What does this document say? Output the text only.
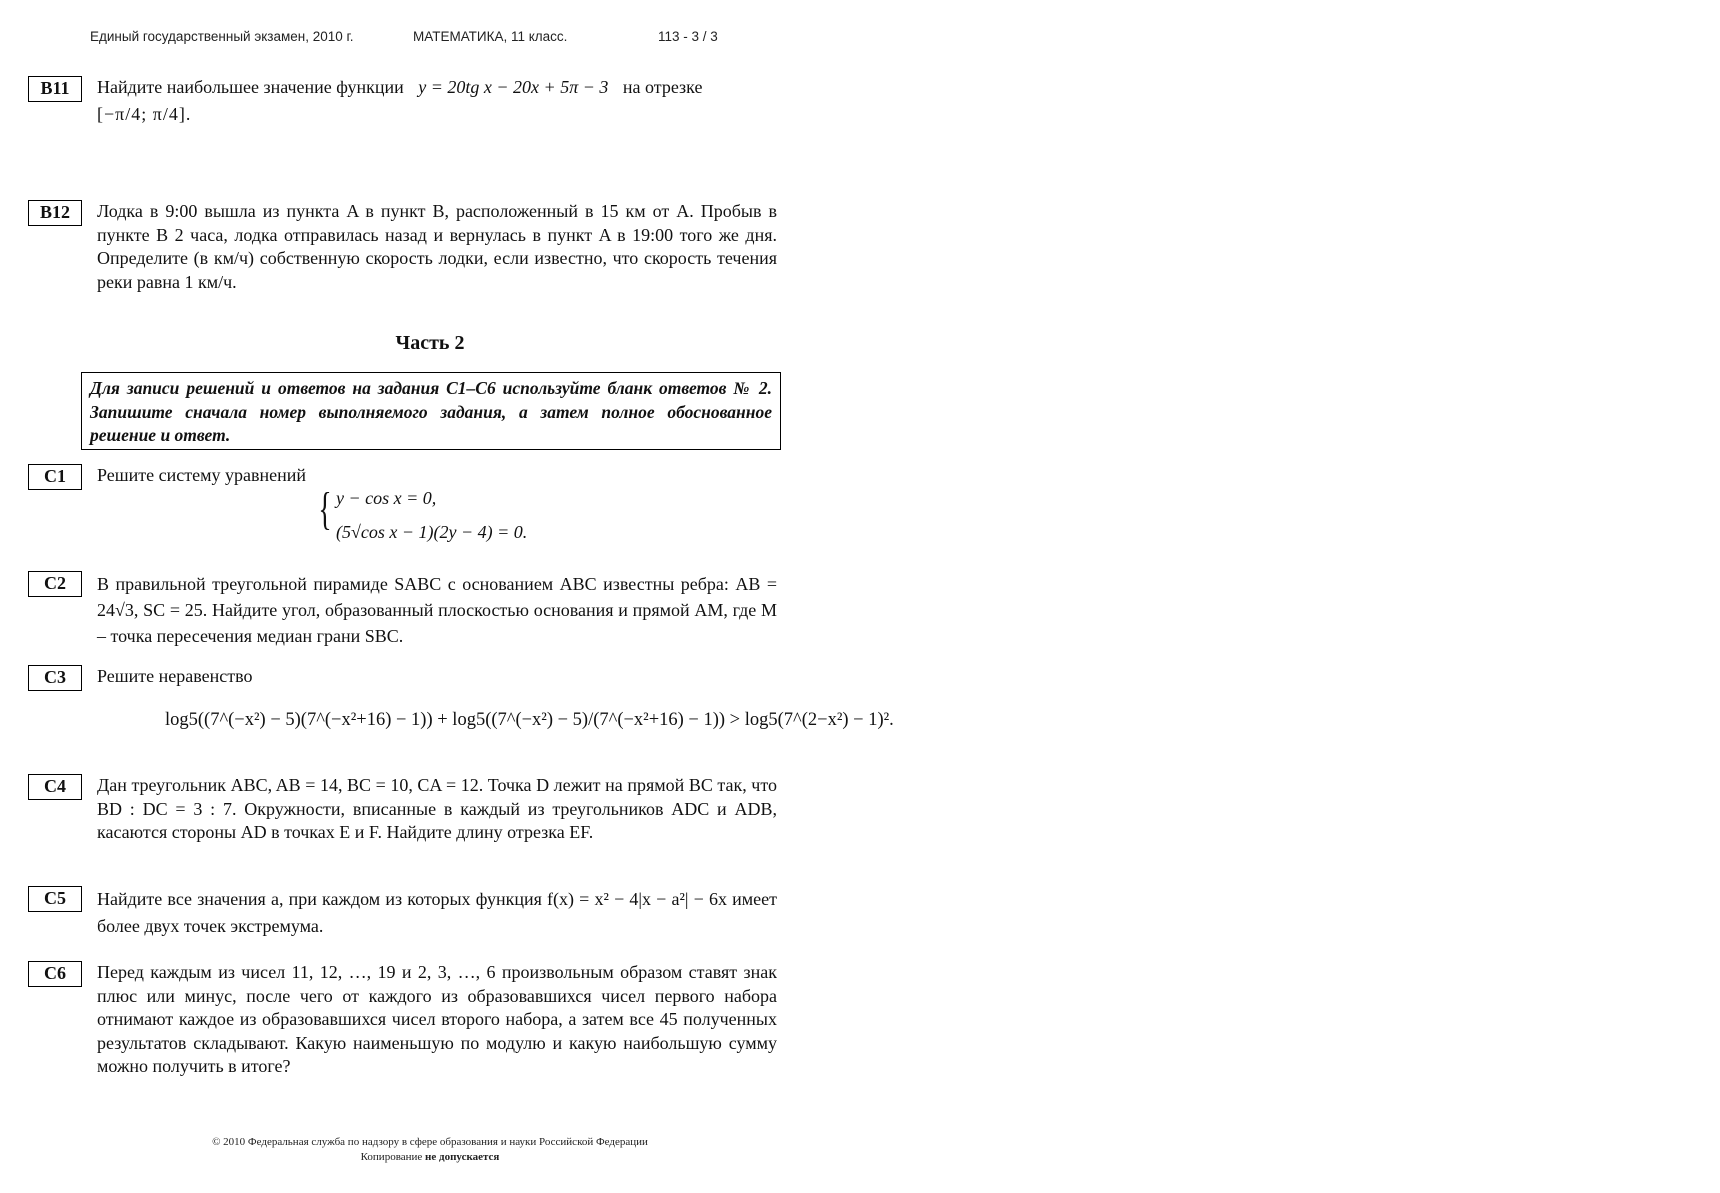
Единый государственный экзамен, 2010 г.	МАТЕМАТИКА, 11 класс.	113 - 3 / 3
B11	Найдите наибольшее значение функции y = 20tg x − 20x + 5π − 3 на отрезке
[−π/4; π/4].
B12	Лодка в 9:00 вышла из пункта A в пункт B, расположенный в 15 км от A. Пробыв в пункте B 2 часа, лодка отправилась назад и вернулась в пункт A в 19:00 того же дня. Определите (в км/ч) собственную скорость лодки, если известно, что скорость течения реки равна 1 км/ч.
Часть 2
Для записи решений и ответов на задания С1–С6 используйте бланк ответов № 2. Запишите сначала номер выполняемого задания, а затем полное обоснованное решение и ответ.
C1	Решите систему уравнений
{ y − cos x = 0,
(5√cos x − 1)(2y − 4) = 0.
C2	В правильной треугольной пирамиде SABC с основанием ABC известны ребра: AB = 24√3, SC = 25. Найдите угол, образованный плоскостью основания и прямой AM, где M – точка пересечения медиан грани SBC.
C3	Решите неравенство
log5((7^(−x²) − 5)(7^(−x²+16) − 1)) + log5((7^(−x²) − 5)/(7^(−x²+16) − 1)) > log5(7^(2−x²) − 1)².
C4	Дан треугольник ABC, AB = 14, BC = 10, CA = 12. Точка D лежит на прямой BC так, что BD : DC = 3 : 7. Окружности, вписанные в каждый из треугольников ADC и ADB, касаются стороны AD в точках E и F. Найдите длину отрезка EF.
C5	Найдите все значения a, при каждом из которых функция f(x) = x² − 4|x − a²| − 6x имеет более двух точек экстремума.
C6	Перед каждым из чисел 11, 12, …, 19 и 2, 3, …, 6 произвольным образом ставят знак плюс или минус, после чего от каждого из образовавшихся чисел первого набора отнимают каждое из образовавшихся чисел второго набора, а затем все 45 полученных результатов складывают. Какую наименьшую по модулю и какую наибольшую сумму можно получить в итоге?
© 2010 Федеральная служба по надзору в сфере образования и науки Российской Федерации
Копирование не допускается
